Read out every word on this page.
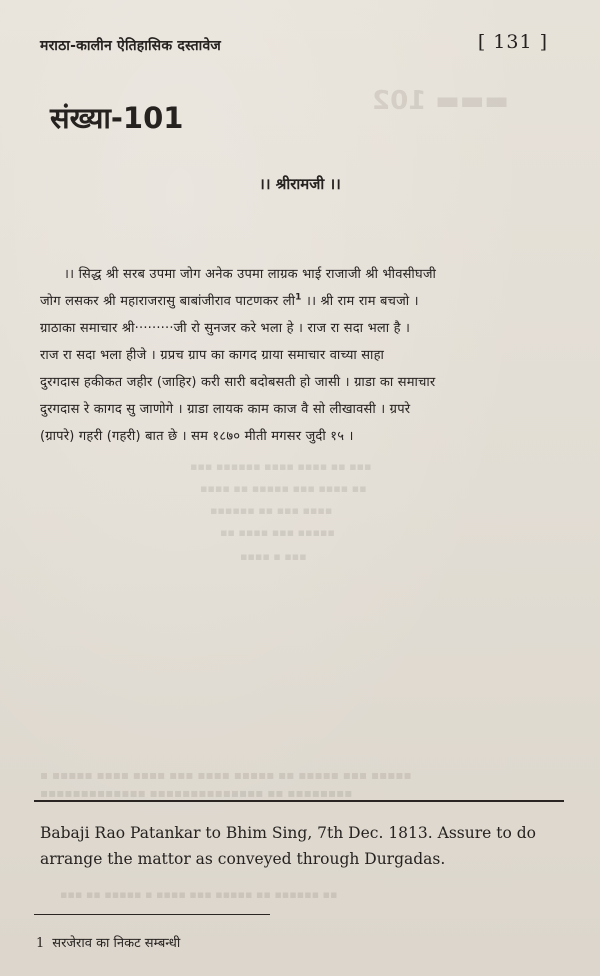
▬▬▬ 102
▪▪▪ ▪▪ ▪▪▪▪ ▪▪▪▪ ▪▪▪▪▪▪ ▪▪▪
▪▪ ▪▪▪▪ ▪▪▪ ▪▪▪▪▪ ▪▪ ▪▪▪▪
▪▪▪▪ ▪▪▪ ▪▪ ▪▪▪▪▪▪
▪▪▪▪▪ ▪▪▪ ▪▪▪▪ ▪▪
▪▪▪ ▪ ▪▪▪▪
▪▪▪▪▪ ▪▪▪ ▪▪▪▪▪ ▪▪ ▪▪▪▪▪ ▪▪▪▪ ▪▪▪ ▪▪▪▪ ▪▪▪▪ ▪▪▪▪▪ ▪
▪▪▪▪▪▪▪▪ ▪▪ ▪▪▪▪▪▪▪▪▪▪▪▪▪▪ ▪▪▪▪▪▪▪▪▪▪▪▪▪
▪▪ ▪▪▪▪▪▪ ▪▪ ▪▪▪▪▪ ▪▪▪ ▪▪▪▪ ▪ ▪▪▪▪▪ ▪▪ ▪▪▪
मराठा-कालीन ऐतिहासिक दस्तावेज	[ 131 ]
संख्या-101
।। श्रीरामजी ।।
।। सिद्ध श्री सरब उपमा जोग अनेक उपमा लाग्रक भाई राजाजी श्री भीवसीघजी
जोग लसकर श्री महाराजरासु बाबांजीराव पाटणकर ली$^1$ ।। श्री राम राम बचजो ।
ग्राठाका समाचार श्री·········जी रो सुनजर करे भला हे । राज रा सदा भला है ।
राज रा सदा भला हीजे । ग्रप्रच ग्राप का कागद ग्राया समाचार वाच्या साहा
दुरगदास हकीकत जहीर (जाहिर) करी सारी बदोबसती हो जासी । ग्राडा का समाचार
दुरगदास रे कागद सु जाणोगे । ग्राडा लायक काम काज वै सो लीखावसी । ग्रपरे
(ग्रापरे) गहरी (गहरी) बात छे । सम १८७० मीती मगसर जुदी १५ ।
Babaji Rao Patankar to Bhim Sing, 7th Dec. 1813. Assure to do
arrange the mattor as conveyed through Durgadas.
1 सरजेराव का निकट सम्बन्धी
